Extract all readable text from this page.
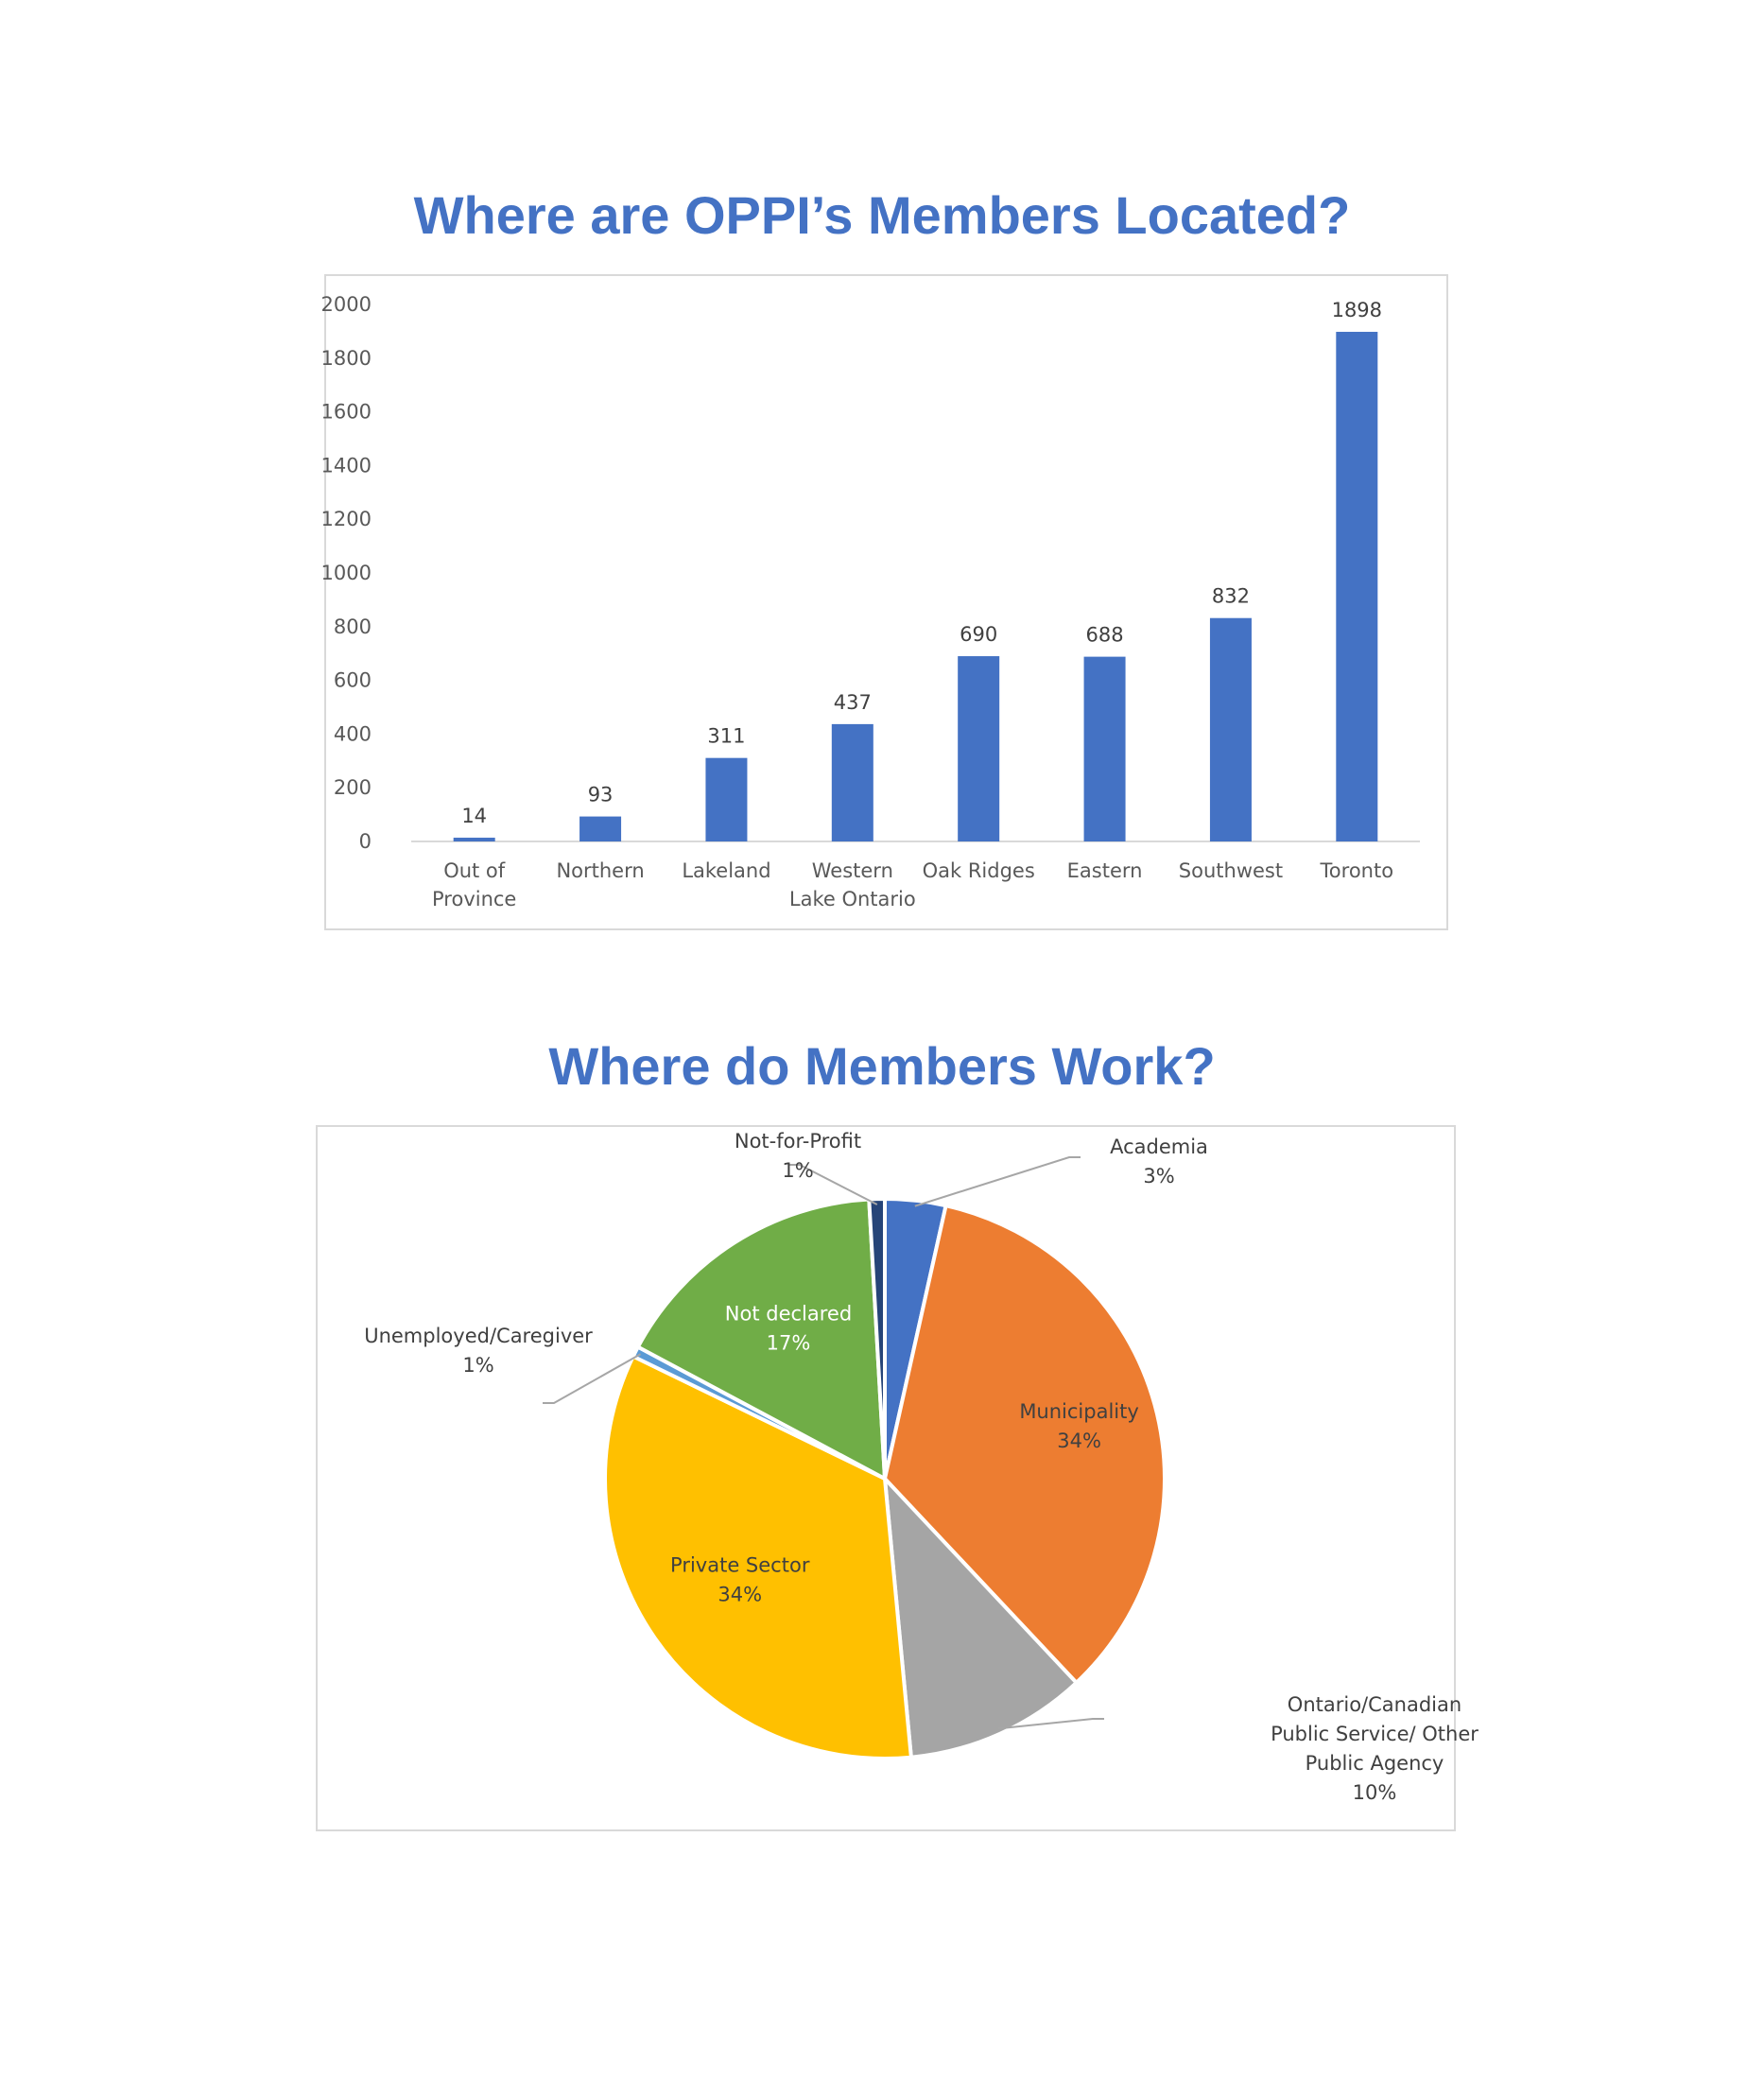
Where are OPPI’s Members Located?
0
200
400
600
800
1000
1200
1400
1600
1800
2000
14
Out of Province
93
Northern
311
Lakeland
437
Western Lake Ontario
690
Oak Ridges
688
Eastern
832
Southwest
1898
Toronto
Where do Members Work?
Academia 3%
Municipality 34%
Ontario/Canadian Public Service/ Other Public Agency 10%
Private Sector 34%
Unemployed/Caregiver 1%
Not declared 17%
Not-for-Profit 1%
